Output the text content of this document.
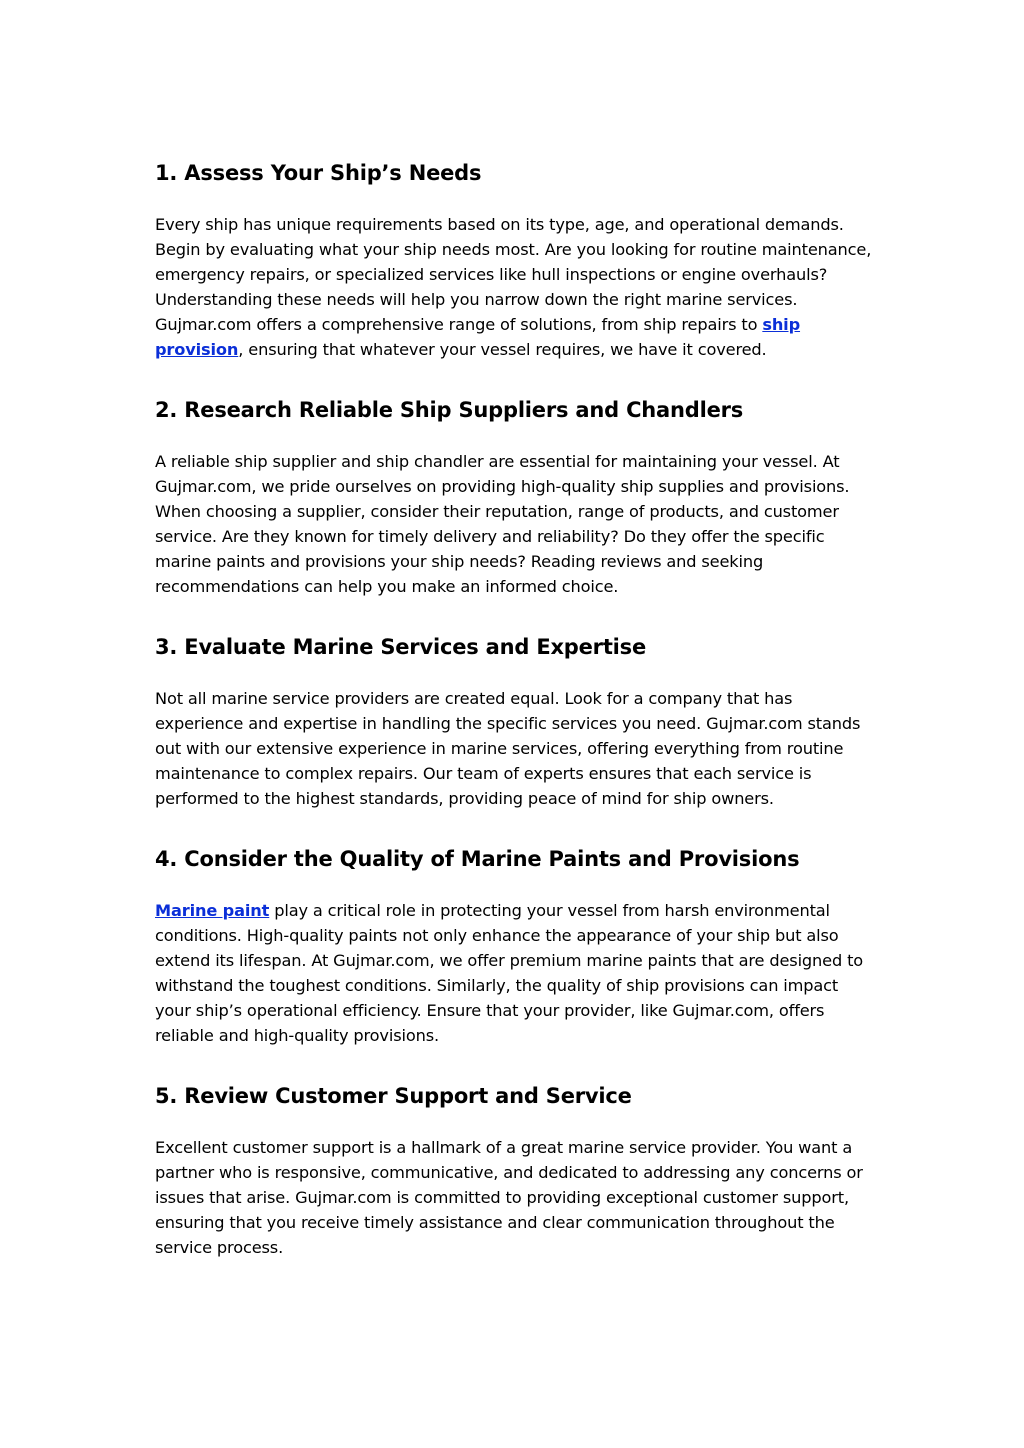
1. Assess Your Ship’s Needs

Every ship has unique requirements based on its type, age, and operational demands. Begin by evaluating what your ship needs most. Are you looking for routine maintenance, emergency repairs, or specialized services like hull inspections or engine overhauls? Understanding these needs will help you narrow down the right marine services. Gujmar.com offers a comprehensive range of solutions, from ship repairs to ship provision, ensuring that whatever your vessel requires, we have it covered.

2. Research Reliable Ship Suppliers and Chandlers

A reliable ship supplier and ship chandler are essential for maintaining your vessel. At Gujmar.com, we pride ourselves on providing high-quality ship supplies and provisions. When choosing a supplier, consider their reputation, range of products, and customer service. Are they known for timely delivery and reliability? Do they offer the specific marine paints and provisions your ship needs? Reading reviews and seeking recommendations can help you make an informed choice.

3. Evaluate Marine Services and Expertise

Not all marine service providers are created equal. Look for a company that has experience and expertise in handling the specific services you need. Gujmar.com stands out with our extensive experience in marine services, offering everything from routine maintenance to complex repairs. Our team of experts ensures that each service is performed to the highest standards, providing peace of mind for ship owners.

4. Consider the Quality of Marine Paints and Provisions

Marine paint play a critical role in protecting your vessel from harsh environmental conditions. High-quality paints not only enhance the appearance of your ship but also extend its lifespan. At Gujmar.com, we offer premium marine paints that are designed to withstand the toughest conditions. Similarly, the quality of ship provisions can impact your ship’s operational efficiency. Ensure that your provider, like Gujmar.com, offers reliable and high-quality provisions.

5. Review Customer Support and Service

Excellent customer support is a hallmark of a great marine service provider. You want a partner who is responsive, communicative, and dedicated to addressing any concerns or issues that arise. Gujmar.com is committed to providing exceptional customer support, ensuring that you receive timely assistance and clear communication throughout the service process.
